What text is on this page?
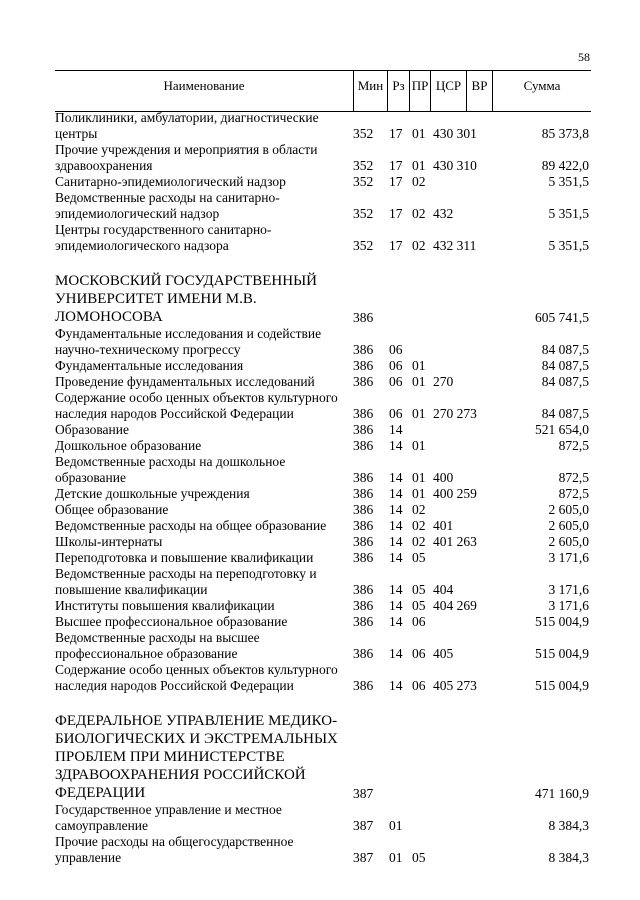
58
Наименование	Мин Рз ПР ЦСР ВР	Сумма
Поликлиники, амбулатории, диагностические
центры	352 17 01 430 301	85 373,8
Прочие учреждения и мероприятия в области
здравоохранения	352 17 01 430 310	89 422,0
Санитарно-эпидемиологический надзор	352 17 02	5 351,5
Ведомственные расходы на санитарно-
эпидемиологический надзор	352 17 02 432	5 351,5
Центры государственного санитарно-
эпидемиологического надзора	352 17 02 432 311	5 351,5
МОСКОВСКИЙ ГОСУДАРСТВЕННЫЙ
УНИВЕРСИТЕТ ИМЕНИ М.В. ЛОМОНОСОВА	386	605 741,5
Фундаментальные исследования и содействие
научно-техническому прогрессу	386 06	84 087,5
Фундаментальные исследования	386 06 01	84 087,5
Проведение фундаментальных исследований	386 06 01 270	84 087,5
Содержание особо ценных объектов культурного
наследия народов Российской Федерации	386 06 01 270 273	84 087,5
Образование	386 14	521 654,0
Дошкольное образование	386 14 01	872,5
Ведомственные расходы на дошкольное
образование	386 14 01 400	872,5
Детские дошкольные учреждения	386 14 01 400 259	872,5
Общее образование	386 14 02	2 605,0
Ведомственные расходы на общее образование	386 14 02 401	2 605,0
Школы-интернаты	386 14 02 401 263	2 605,0
Переподготовка и повышение квалификации	386 14 05	3 171,6
Ведомственные расходы на переподготовку и
повышение квалификации	386 14 05 404	3 171,6
Институты повышения квалификации	386 14 05 404 269	3 171,6
Высшее профессиональное образование	386 14 06	515 004,9
Ведомственные расходы на высшее
профессиональное образование	386 14 06 405	515 004,9
Содержание особо ценных объектов культурного
наследия народов Российской Федерации	386 14 06 405 273	515 004,9
ФЕДЕРАЛЬНОЕ УПРАВЛЕНИЕ МЕДИКО-
БИОЛОГИЧЕСКИХ И ЭКСТРЕМАЛЬНЫХ
ПРОБЛЕМ ПРИ МИНИСТЕРСТВЕ
ЗДРАВООХРАНЕНИЯ РОССИЙСКОЙ
ФЕДЕРАЦИИ	387	471 160,9
Государственное управление и местное
самоуправление	387 01	8 384,3
Прочие расходы на общегосударственное
управление	387 01 05	8 384,3
